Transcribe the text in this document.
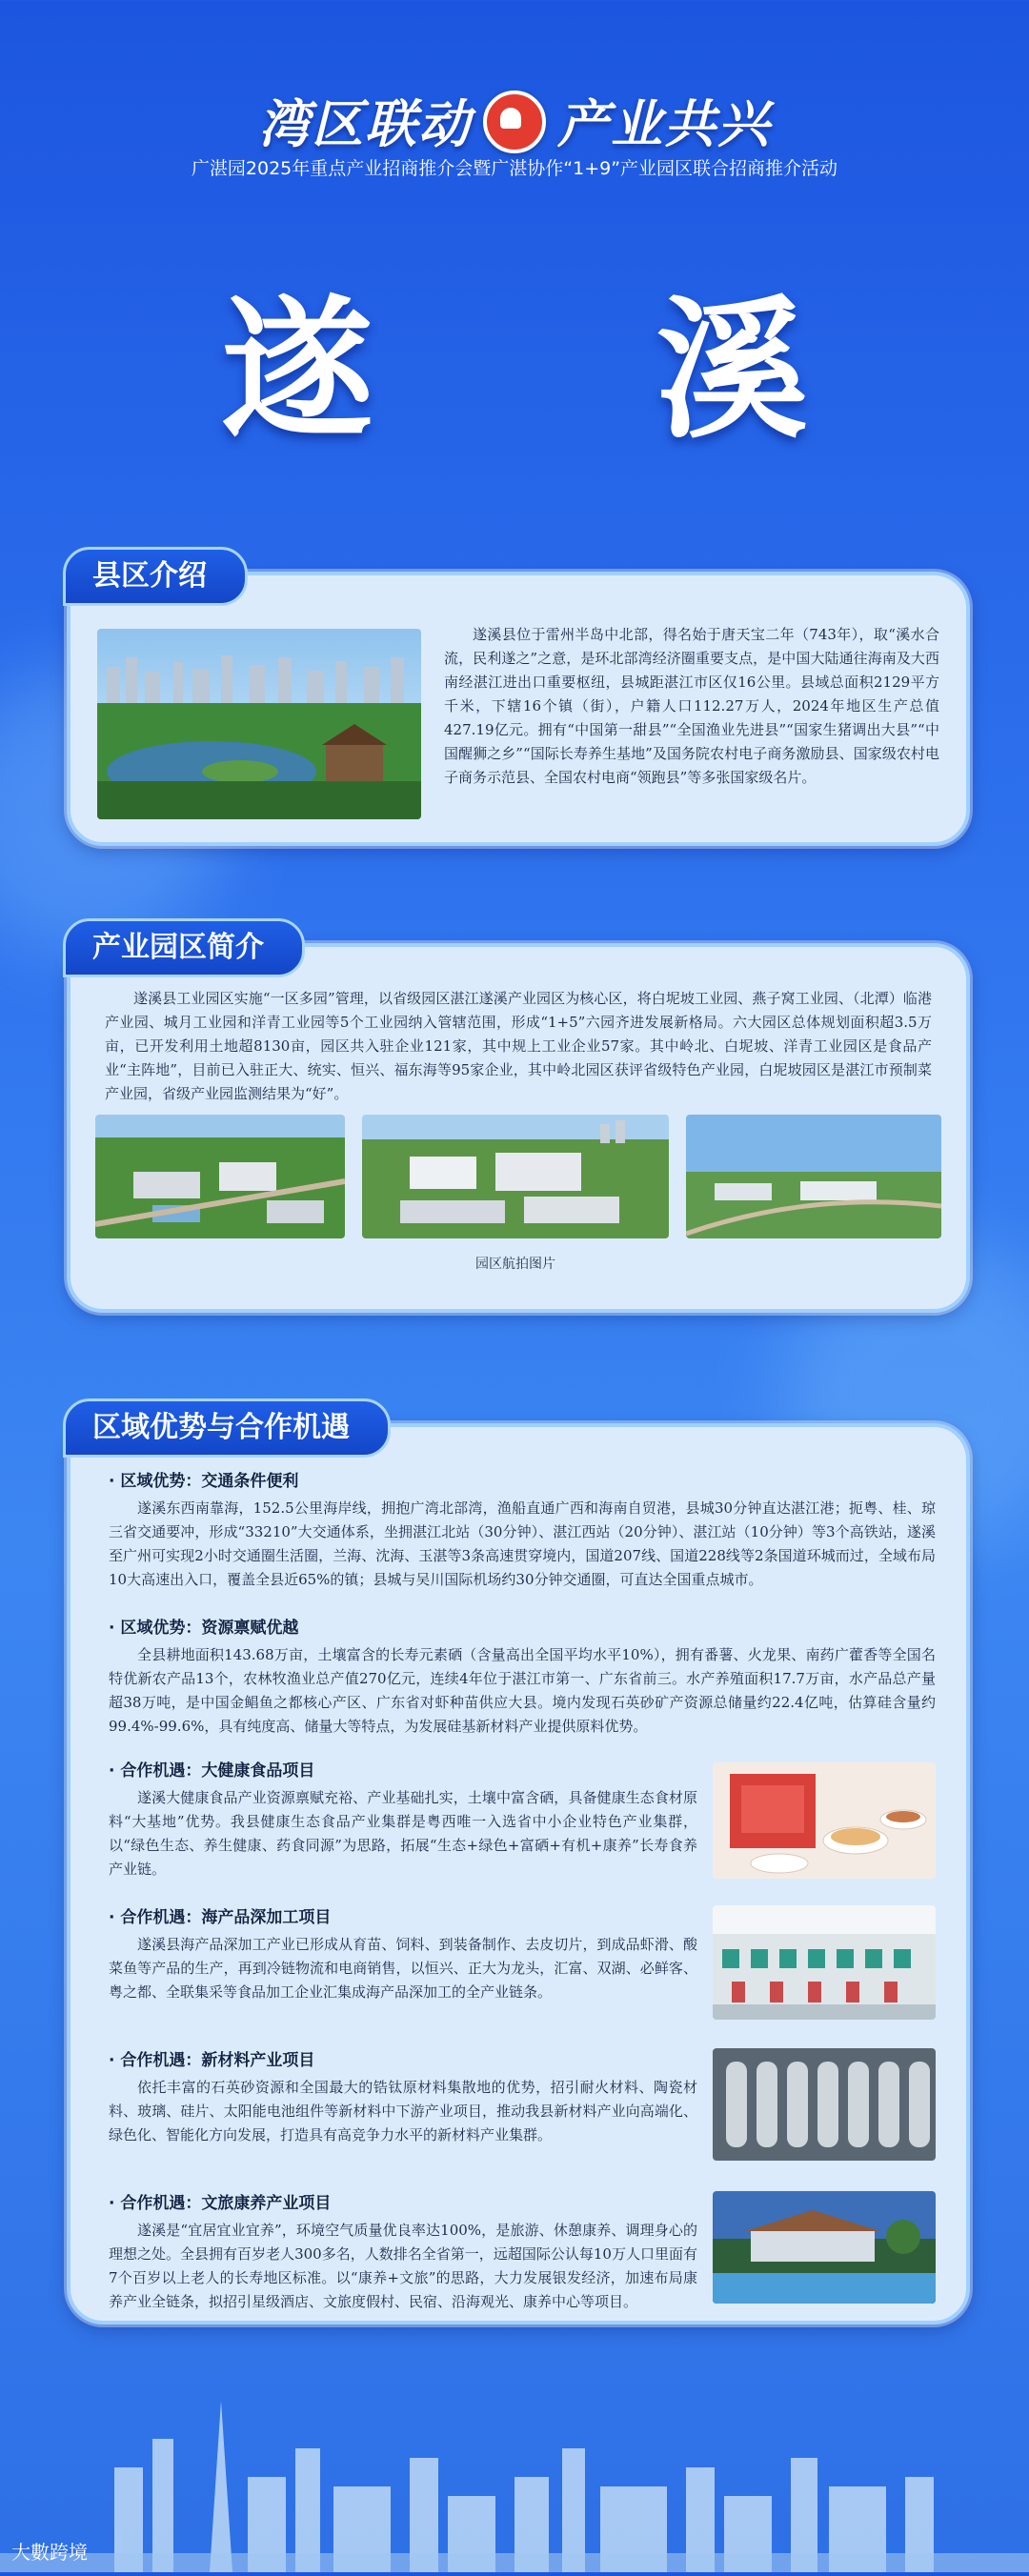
湾区联动 产业共兴
广湛园2025年重点产业招商推介会暨广湛协作“1+9”产业园区联合招商推介活动
遂 溪
县区介绍

遂溪县位于雷州半岛中北部，得名始于唐天宝二年（743年），取“溪水合流，民利遂之”之意，是环北部湾经济圈重要支点，是中国大陆通往海南及大西南经湛江进出口重要枢纽，县城距湛江市区仅16公里。县域总面积2129平方千米，下辖16个镇（街），户籍人口112.27万人，2024年地区生产总值427.19亿元。拥有“中国第一甜县”“全国渔业先进县”“国家生猪调出大县”“中国醒狮之乡”“国际长寿养生基地”及国务院农村电子商务激励县、国家级农村电子商务示范县、全国农村电商“领跑县”等多张国家级名片。

产业园区简介

遂溪县工业园区实施“一区多园”管理，以省级园区湛江遂溪产业园区为核心区，将白坭坡工业园、燕子窝工业园、（北潭）临港产业园、城月工业园和洋青工业园等5个工业园纳入管辖范围，形成“1+5”六园齐进发展新格局。六大园区总体规划面积超3.5万亩，已开发利用土地超8130亩，园区共入驻企业121家，其中规上工业企业57家。其中岭北、白坭坡、洋青工业园区是食品产业“主阵地”，目前已入驻正大、统实、恒兴、福东海等95家企业，其中岭北园区获评省级特色产业园，白坭坡园区是湛江市预制菜产业园，省级产业园监测结果为“好”。

园区航拍图片
区域优势与合作机遇

· 区域优势：交通条件便利

遂溪东西南靠海，152.5公里海岸线，拥抱广湾北部湾，渔船直通广西和海南自贸港，县城30分钟直达湛江港；扼粤、桂、琼三省交通要冲，形成“33210”大交通体系，坐拥湛江北站（30分钟）、湛江西站（20分钟）、湛江站（10分钟）等3个高铁站，遂溪至广州可实现2小时交通圈生活圈，兰海、沈海、玉湛等3条高速贯穿境内，国道207线、国道228线等2条国道环城而过，全域布局10大高速出入口，覆盖全县近65%的镇；县城与吴川国际机场约30分钟交通圈，可直达全国重点城市。

· 区域优势：资源禀赋优越

全县耕地面积143.68万亩，土壤富含的长寿元素硒（含量高出全国平均水平10%），拥有番薯、火龙果、南药广藿香等全国名特优新农产品13个，农林牧渔业总产值270亿元，连续4年位于湛江市第一、广东省前三。水产养殖面积17.7万亩，水产品总产量超38万吨，是中国金鲳鱼之都核心产区、广东省对虾种苗供应大县。境内发现石英砂矿产资源总储量约22.4亿吨，估算硅含量约99.4%-99.6%，具有纯度高、储量大等特点，为发展硅基新材料产业提供原料优势。

· 合作机遇：大健康食品项目

遂溪大健康食品产业资源禀赋充裕、产业基础扎实，土壤中富含硒，具备健康生态食材原料“大基地”优势。我县健康生态食品产业集群是粤西唯一入选省中小企业特色产业集群，以“绿色生态、养生健康、药食同源”为思路，拓展“生态+绿色+富硒+有机+康养”长寿食养产业链。

· 合作机遇：海产品深加工项目

遂溪县海产品深加工产业已形成从育苗、饲料、到装备制作、去皮切片，到成品虾滑、酸菜鱼等产品的生产，再到冷链物流和电商销售，以恒兴、正大为龙头，汇富、双湖、必鲜客、粤之都、全联集采等食品加工企业汇集成海产品深加工的全产业链条。

· 合作机遇：新材料产业项目

依托丰富的石英砂资源和全国最大的锆钛原材料集散地的优势，招引耐火材料、陶瓷材料、玻璃、硅片、太阳能电池组件等新材料中下游产业项目，推动我县新材料产业向高端化、绿色化、智能化方向发展，打造具有高竞争力水平的新材料产业集群。

· 合作机遇：文旅康养产业项目

遂溪是“宜居宜业宜养”，环境空气质量优良率达100%，是旅游、休憩康养、调理身心的理想之处。全县拥有百岁老人300多名，人数排名全省第一，远超国际公认每10万人口里面有7个百岁以上老人的长寿地区标准。以“康养+文旅”的思路，大力发展银发经济，加速布局康养产业全链条，拟招引星级酒店、文旅度假村、民宿、沿海观光、康养中心等项目。

大數跨境
